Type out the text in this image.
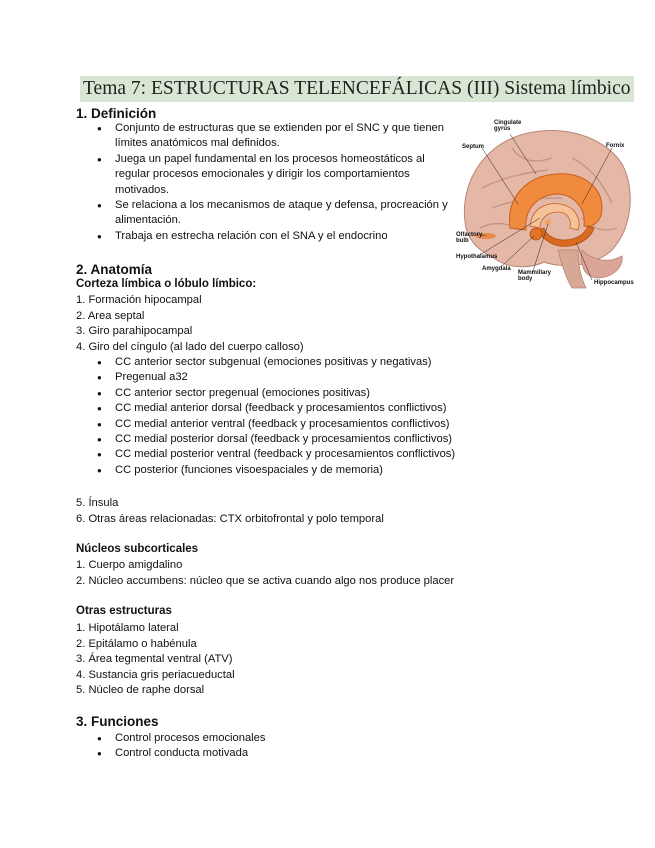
Tema 7: ESTRUCTURAS TELENCEFÁLICAS (III) Sistema límbico
1. Definición
● Conjunto de estructuras que se extienden por el SNC y que tienen límites anatómicos mal definidos.
● Juega un papel fundamental en los procesos homeostáticos al regular procesos emocionales y dirigir los comportamientos motivados.
● Se relaciona a los mecanismos de ataque y defensa, procreación y alimentación.
● Trabaja en estrecha relación con el SNA y el endocrino
Cingulate gyrus
Septum	Fornix
Olfactory bulb
Hypothalamus
Amygdala
Mammillary body
Hippocampus
2. Anatomía
Corteza límbica o lóbulo límbico:
1. Formación hipocampal
2. Area septal
3. Giro parahipocampal
4. Giro del cíngulo (al lado del cuerpo calloso)
● CC anterior sector subgenual (emociones positivas y negativas)
● Pregenual a32
● CC anterior sector pregenual (emociones positivas)
● CC medial anterior dorsal (feedback y procesamientos conflictivos)
● CC medial anterior ventral (feedback y procesamientos conflictivos)
● CC medial posterior dorsal (feedback y procesamientos conflictivos)
● CC medial posterior ventral (feedback y procesamientos conflictivos)
● CC posterior (funciones visoespaciales y de memoria)
5. Ínsula
6. Otras áreas relacionadas: CTX orbitofrontal y polo temporal
Núcleos subcorticales
1. Cuerpo amigdalino
2. Núcleo accumbens: núcleo que se activa cuando algo nos produce placer
Otras estructuras
1. Hipotálamo lateral
2. Epitálamo o habénula
3. Área tegmental ventral (ATV)
4. Sustancia gris periacueductal
5. Núcleo de raphe dorsal
3. Funciones
● Control procesos emocionales
● Control conducta motivada
